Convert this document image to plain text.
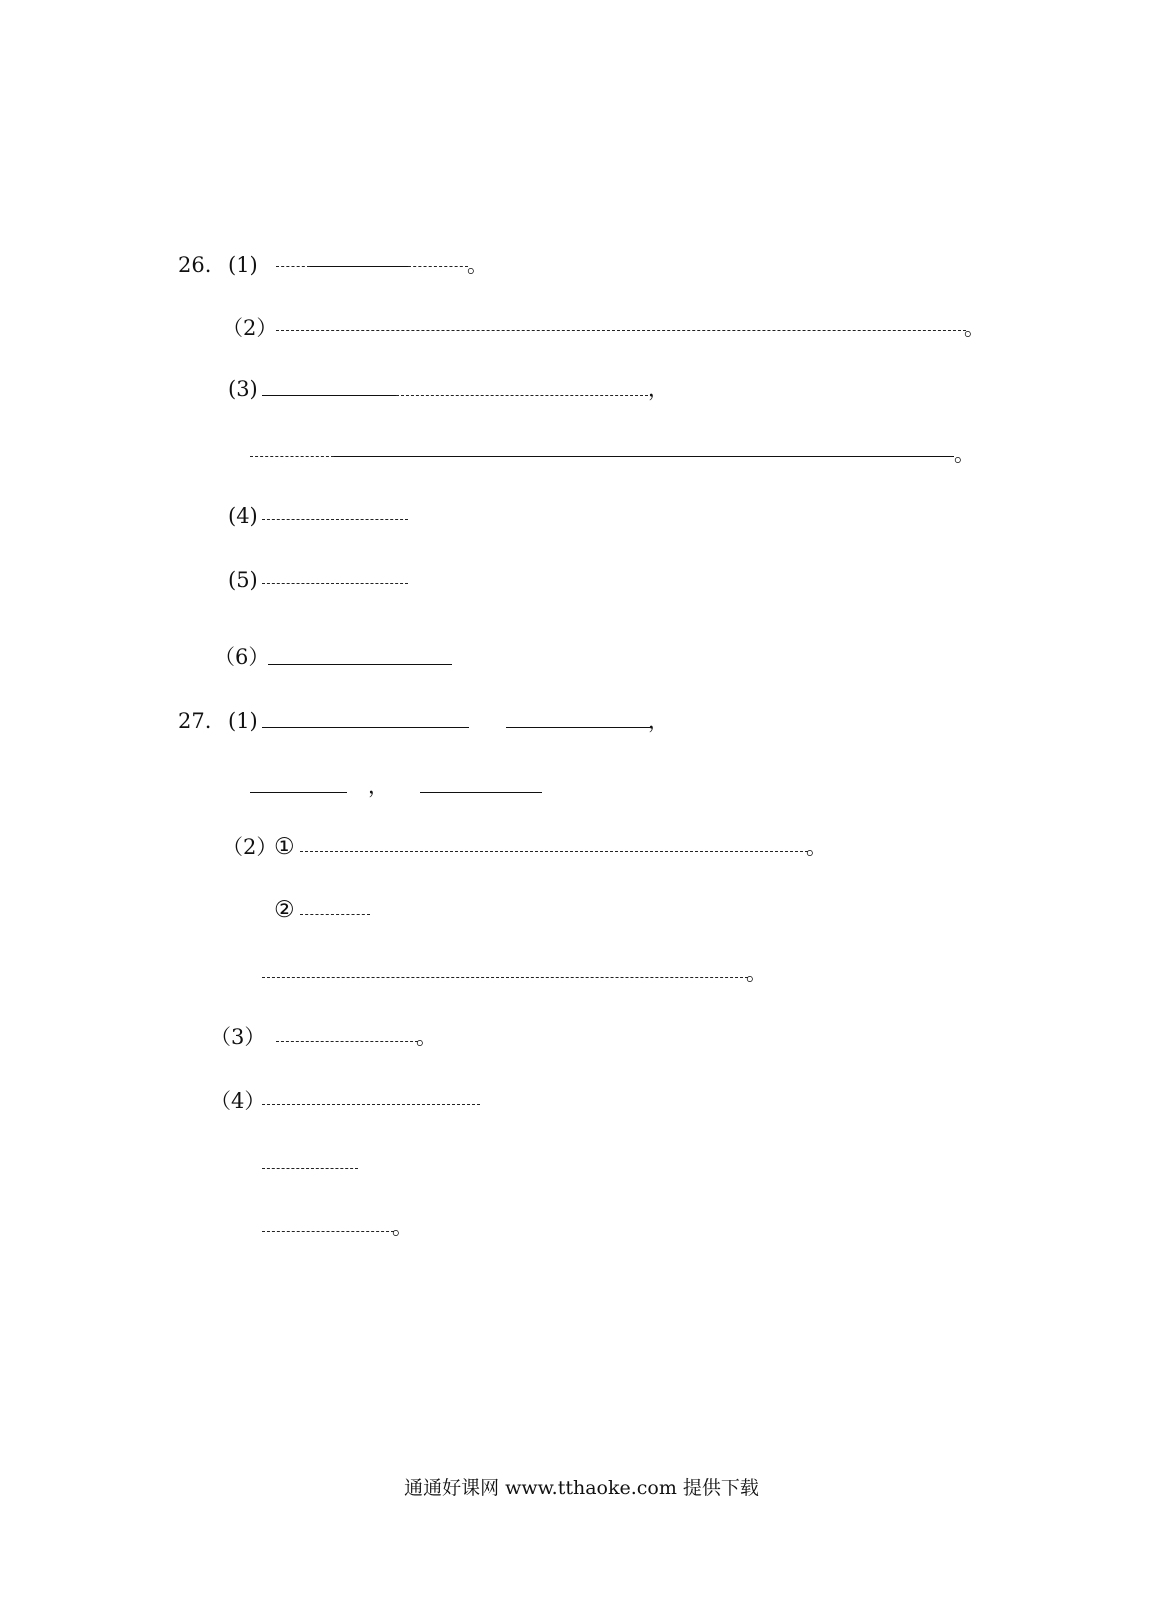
26. (1)	。
（2）	。
(3)	，
。
(4)
(5)
（6）
27. (1)	，
，
（2）
①	。
②
。
（3）	。
（4）
。
通通好课网 www.tthaoke.com 提供下载
